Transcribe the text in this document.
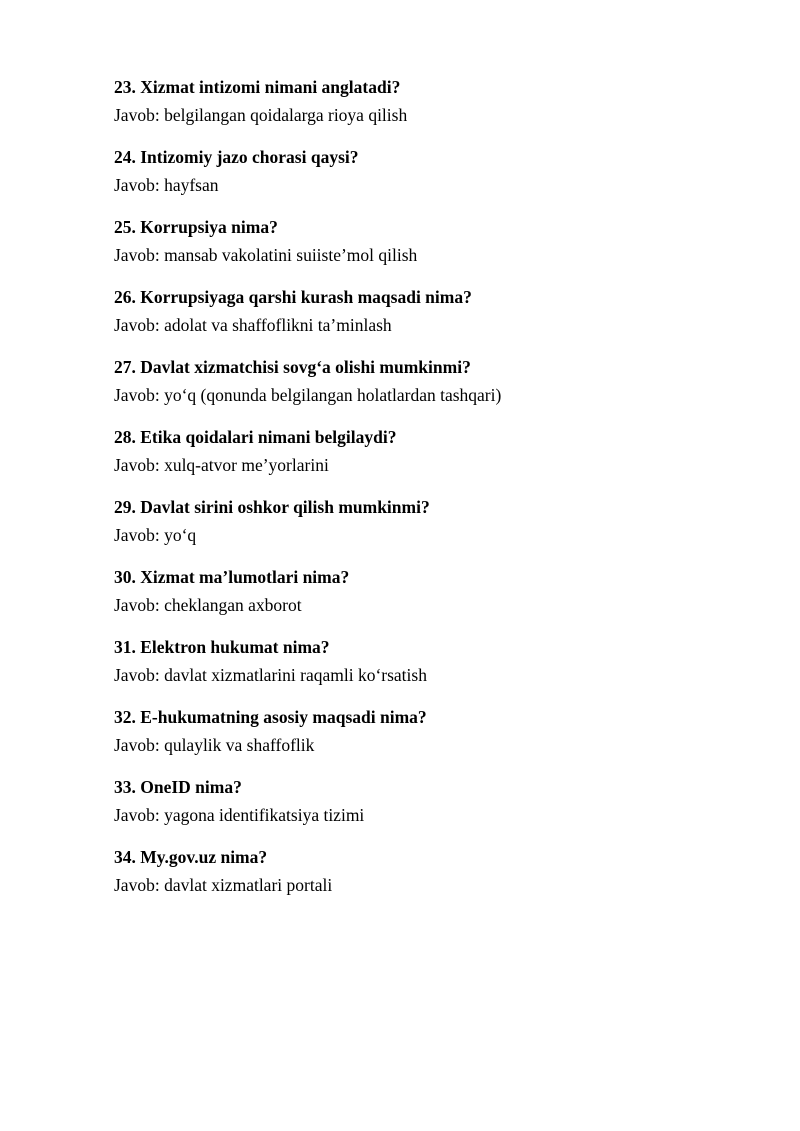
23. Xizmat intizomi nimani anglatadi?
Javob: belgilangan qoidalarga rioya qilish
24. Intizomiy jazo chorasi qaysi?
Javob: hayfsan
25. Korrupsiya nima?
Javob: mansab vakolatini suiiste’mol qilish
26. Korrupsiyaga qarshi kurash maqsadi nima?
Javob: adolat va shaffoflikni ta’minlash
27. Davlat xizmatchisi sovg‘a olishi mumkinmi?
Javob: yo‘q (qonunda belgilangan holatlardan tashqari)
28. Etika qoidalari nimani belgilaydi?
Javob: xulq-atvor me’yorlarini
29. Davlat sirini oshkor qilish mumkinmi?
Javob: yo‘q
30. Xizmat ma’lumotlari nima?
Javob: cheklangan axborot
31. Elektron hukumat nima?
Javob: davlat xizmatlarini raqamli ko‘rsatish
32. E-hukumatning asosiy maqsadi nima?
Javob: qulaylik va shaffoflik
33. OneID nima?
Javob: yagona identifikatsiya tizimi
34. My.gov.uz nima?
Javob: davlat xizmatlari portali
